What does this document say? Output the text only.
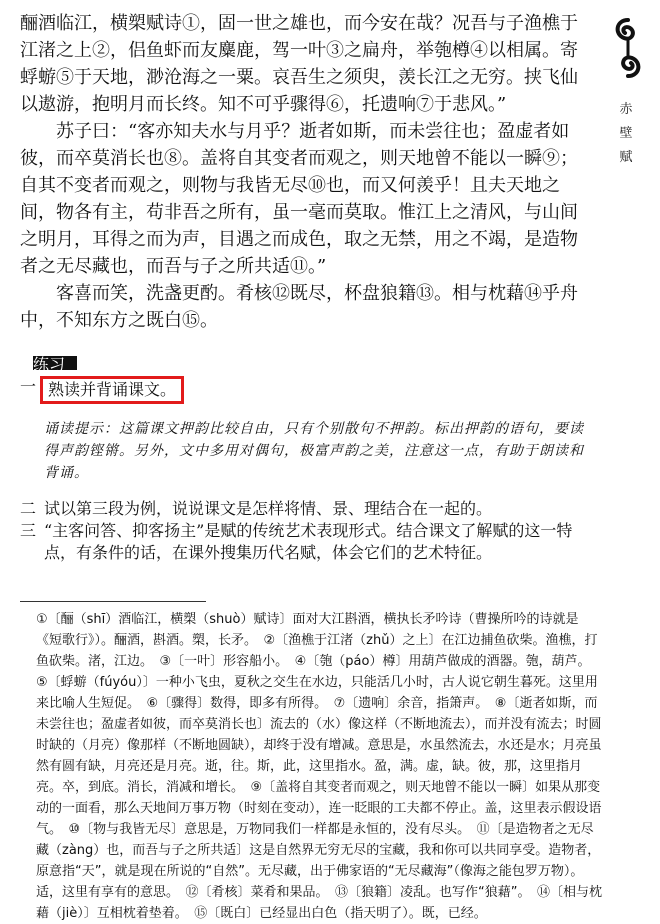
酾酒临江，横槊赋诗①，固一世之雄也，而今安在哉？况吾与子渔樵于江渚之上②，侣鱼虾而友麋鹿，驾一叶③之扁舟，举匏樽④以相属。寄蜉蝣⑤于天地，渺沧海之一粟。哀吾生之须臾，羡长江之无穷。挟飞仙以遨游，抱明月而长终。知不可乎骤得⑥，托遗响⑦于悲风。”

苏子曰：“客亦知夫水与月乎？逝者如斯，而未尝往也；盈虚者如彼，而卒莫消长也⑧。盖将自其变者而观之，则天地曾不能以一瞬⑨；自其不变者而观之，则物与我皆无尽⑩也，而又何羡乎！且夫天地之间，物各有主，苟非吾之所有，虽一毫而莫取。惟江上之清风，与山间之明月，耳得之而为声，目遇之而成色，取之无禁，用之不竭，是造物者之无尽藏也，而吾与子之所共适⑪。”

客喜而笑，洗盏更酌。肴核⑫既尽，杯盘狼籍⑬。相与枕藉⑭乎舟中，不知东方之既白⑮。

赤
壁
赋
练习

一 熟读并背诵课文。

诵读提示：这篇课文押韵比较自由，只有个别散句不押韵。标出押韵的语句，要读得声韵铿锵。另外，文中多用对偶句，极富声韵之美，注意这一点，有助于朗读和背诵。

二 试以第三段为例，说说课文是怎样将情、景、理结合在一起的。

三 “主客问答、抑客扬主”是赋的传统艺术表现形式。结合课文了解赋的这一特点，有条件的话，在课外搜集历代名赋，体会它们的艺术特征。

①〔酾（shī）酒临江，横槊（shuò）赋诗〕面对大江斟酒，横执长矛吟诗（曹操所吟的诗就是《短歌行》）。酾酒，斟酒。槊，长矛。　②〔渔樵于江渚（zhǔ）之上〕在江边捕鱼砍柴。渔樵，打鱼砍柴。渚，江边。　③〔一叶〕形容船小。　④〔匏（páo）樽〕用葫芦做成的酒器。匏，葫芦。　⑤〔蜉蝣（fúyóu）〕一种小飞虫，夏秋之交生在水边，只能活几小时，古人说它朝生暮死。这里用来比喻人生短促。　⑥〔骤得〕数得，即多有所得。　⑦〔遗响〕余音，指箫声。　⑧〔逝者如斯，而未尝往也；盈虚者如彼，而卒莫消长也〕流去的（水）像这样（不断地流去），而并没有流去；时圆时缺的（月亮）像那样（不断地圆缺），却终于没有增减。意思是，水虽然流去，水还是水；月亮虽然有圆有缺，月亮还是月亮。逝，往。斯，此，这里指水。盈，满。虚，缺。彼，那，这里指月亮。卒，到底。消长，消减和增长。　⑨〔盖将自其变者而观之，则天地曾不能以一瞬〕如果从那变动的一面看，那么天地间万事万物（时刻在变动），连一眨眼的工夫都不停止。盖，这里表示假设语气。　⑩〔物与我皆无尽〕意思是，万物同我们一样都是永恒的，没有尽头。　⑪〔是造物者之无尽藏（zàng）也，而吾与子之所共适〕这是自然界无穷无尽的宝藏，我和你可以共同享受。造物者，原意指“天”，就是现在所说的“自然”。无尽藏，出于佛家语的“无尽藏海”（像海之能包罗万物）。适，这里有享有的意思。　⑫〔肴核〕菜肴和果品。　⑬〔狼籍〕凌乱。也写作“狼藉”。　⑭〔相与枕藉（jiè）〕互相枕着垫着。　⑮〔既白〕已经显出白色（指天明了）。既，已经。
